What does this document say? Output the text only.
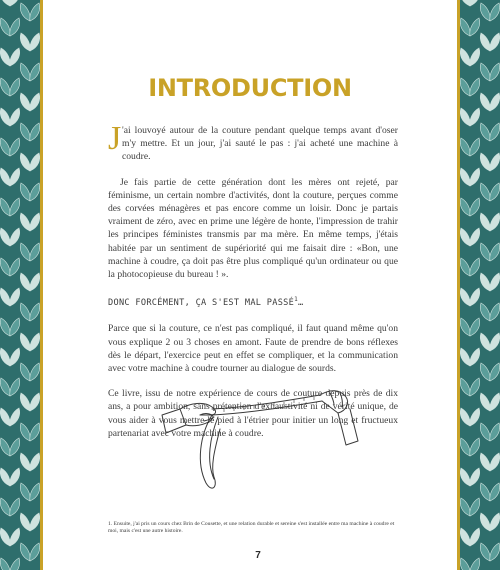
INTRODUCTION

J 'ai louvoyé autour de la couture pendant quelque temps avant d'oser m'y mettre. Et un jour, j'ai sauté le pas : j'ai acheté une machine à coudre.

Je fais partie de cette génération dont les mères ont rejeté, par féminisme, un certain nombre d'activités, dont la couture, perçues comme des corvées ménagères et pas encore comme un loisir. Donc je partais vraiment de zéro, avec en prime une légère de honte, l'impression de trahir les principes féministes transmis par ma mère. En même temps, j'étais habitée par un sentiment de supériorité qui me faisait dire : «Bon, une machine à coudre, ça doit pas être plus compliqué qu'un ordinateur ou que la photocopieuse du bureau ! ».

DONC FORCÉMENT, ÇA S'EST MAL PASSÉ$^1$…

Parce que si la couture, ce n'est pas compliqué, il faut quand même qu'on vous explique 2 ou 3 choses en amont. Faute de prendre de bons réflexes dès le départ, l'exercice peut en effet se compliquer, et la communication avec votre machine à coudre tourner au dialogue de sourds.

Ce livre, issu de notre expérience de cours de couture depuis près de dix ans, a pour ambition, sans prétention d'exhaustivité ni de vérité unique, de vous aider à vous mettre le pied à l'étrier pour initier un long et fructueux partenariat avec votre machine à coudre.

1. Ensuite, j'ai pris un cours chez Brin de Cousette, et une relation durable et sereine s'est installée entre ma machine à coudre et moi, mais c'est une autre histoire.

7
